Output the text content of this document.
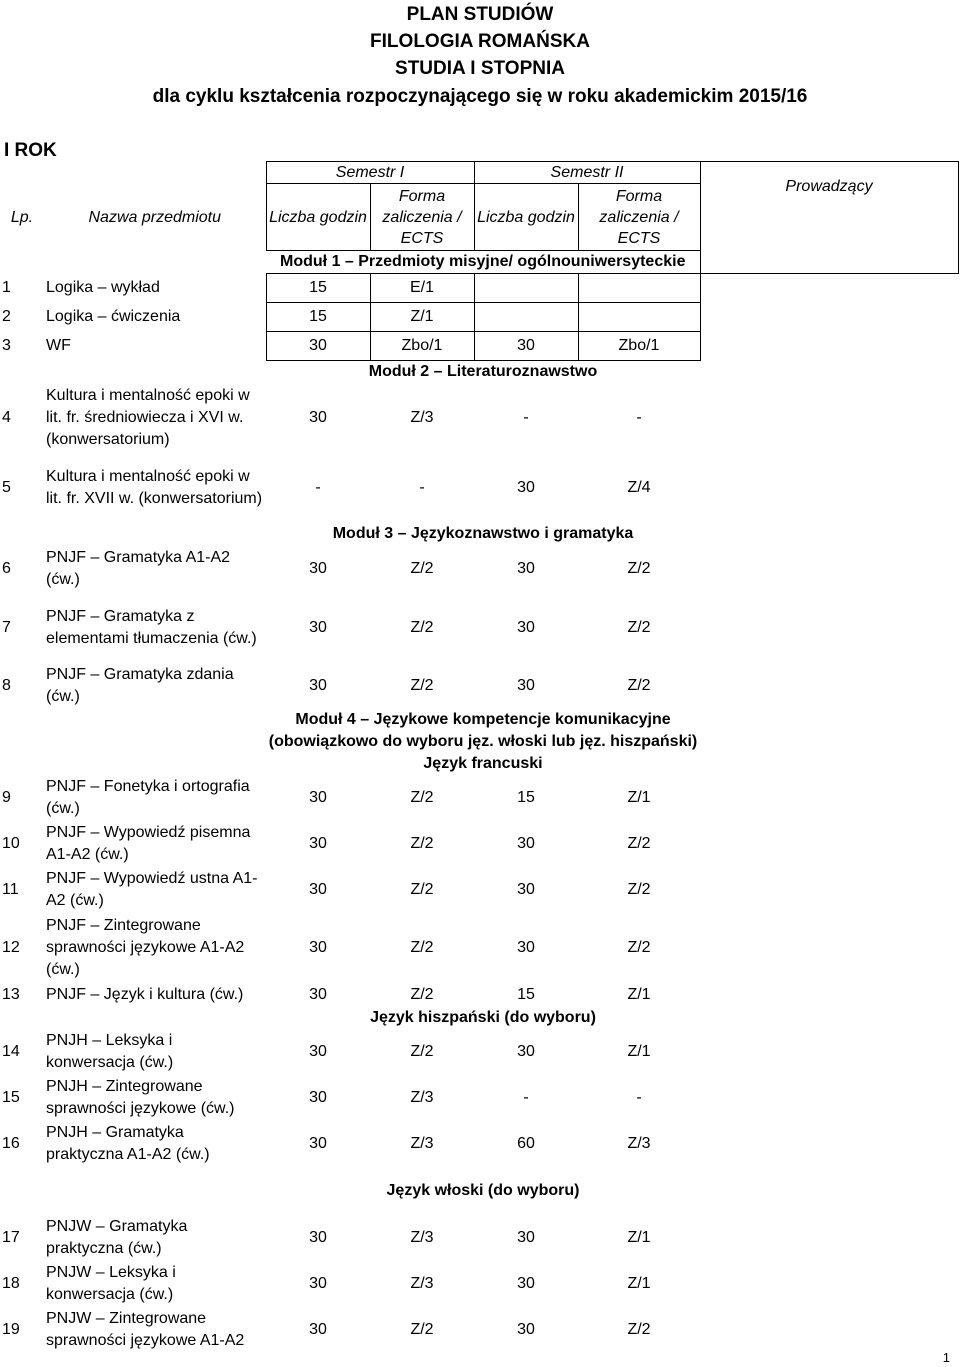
PLAN STUDIÓW
FILOLOGIA ROMAŃSKA
STUDIA I STOPNIA
dla cyklu kształcenia rozpoczynającego się w roku akademickim 2015/16
I ROK
Lp.	Nazwa przedmiotu	Semestr I		Semestr II		Prowadzący
		Liczba godzin	Forma zaliczenia / ECTS	Liczba godzin	Forma zaliczenia / ECTS	
		Moduł 1 – Przedmioty misyjne/ ogólnouniwersyteckie				
1	Logika – wykład	15	E/1			
2	Logika – ćwiczenia	15	Z/1			
3	WF	30	Zbo/1	30	Zbo/1	
		Moduł 2 – Literaturoznawstwo				
4	Kultura i mentalność epoki w lit. fr. średniowiecza i XVI w. (konwersatorium)	30	Z/3	-	-	
5	Kultura i mentalność epoki w lit. fr. XVII w. (konwersatorium)	-	-	30	Z/4	
		Moduł 3 – Językoznawstwo i gramatyka				
6	PNJF – Gramatyka A1-A2 (ćw.)	30	Z/2	30	Z/2	
7	PNJF – Gramatyka z elementami tłumaczenia (ćw.)	30	Z/2	30	Z/2	
8	PNJF – Gramatyka zdania (ćw.)	30	Z/2	30	Z/2	

		Moduł 4 – Językowe kompetencje komunikacyjne
(obowiązkowo do wyboru jęz. włoski lub jęz. hiszpański)
Język francuski				

9	PNJF – Fonetyka i ortografia (ćw.)	30	Z/2	15	Z/1	
10	PNJF – Wypowiedź pisemna A1-A2 (ćw.)	30	Z/2	30	Z/2	
11	PNJF – Wypowiedź ustna A1-A2 (ćw.)	30	Z/2	30	Z/2	
12	PNJF – Zintegrowane sprawności językowe A1-A2 (ćw.)	30	Z/2	30	Z/2	
13	PNJF – Język i kultura (ćw.)	30	Z/2	15	Z/1	
		Język hiszpański (do wyboru)				
14	PNJH – Leksyka i konwersacja (ćw.)	30	Z/2	30	Z/1	
15	PNJH – Zintegrowane sprawności językowe (ćw.)	30	Z/3	-	-	
16	PNJH – Gramatyka praktyczna A1-A2 (ćw.)	30	Z/3	60	Z/3	
		Język włoski (do wyboru)				
17	PNJW – Gramatyka praktyczna (ćw.)	30	Z/3	30	Z/1	
18	PNJW – Leksyka i konwersacja (ćw.)	30	Z/3	30	Z/1	
19	PNJW – Zintegrowane sprawności językowe A1-A2	30	Z/2	30	Z/2	
1
